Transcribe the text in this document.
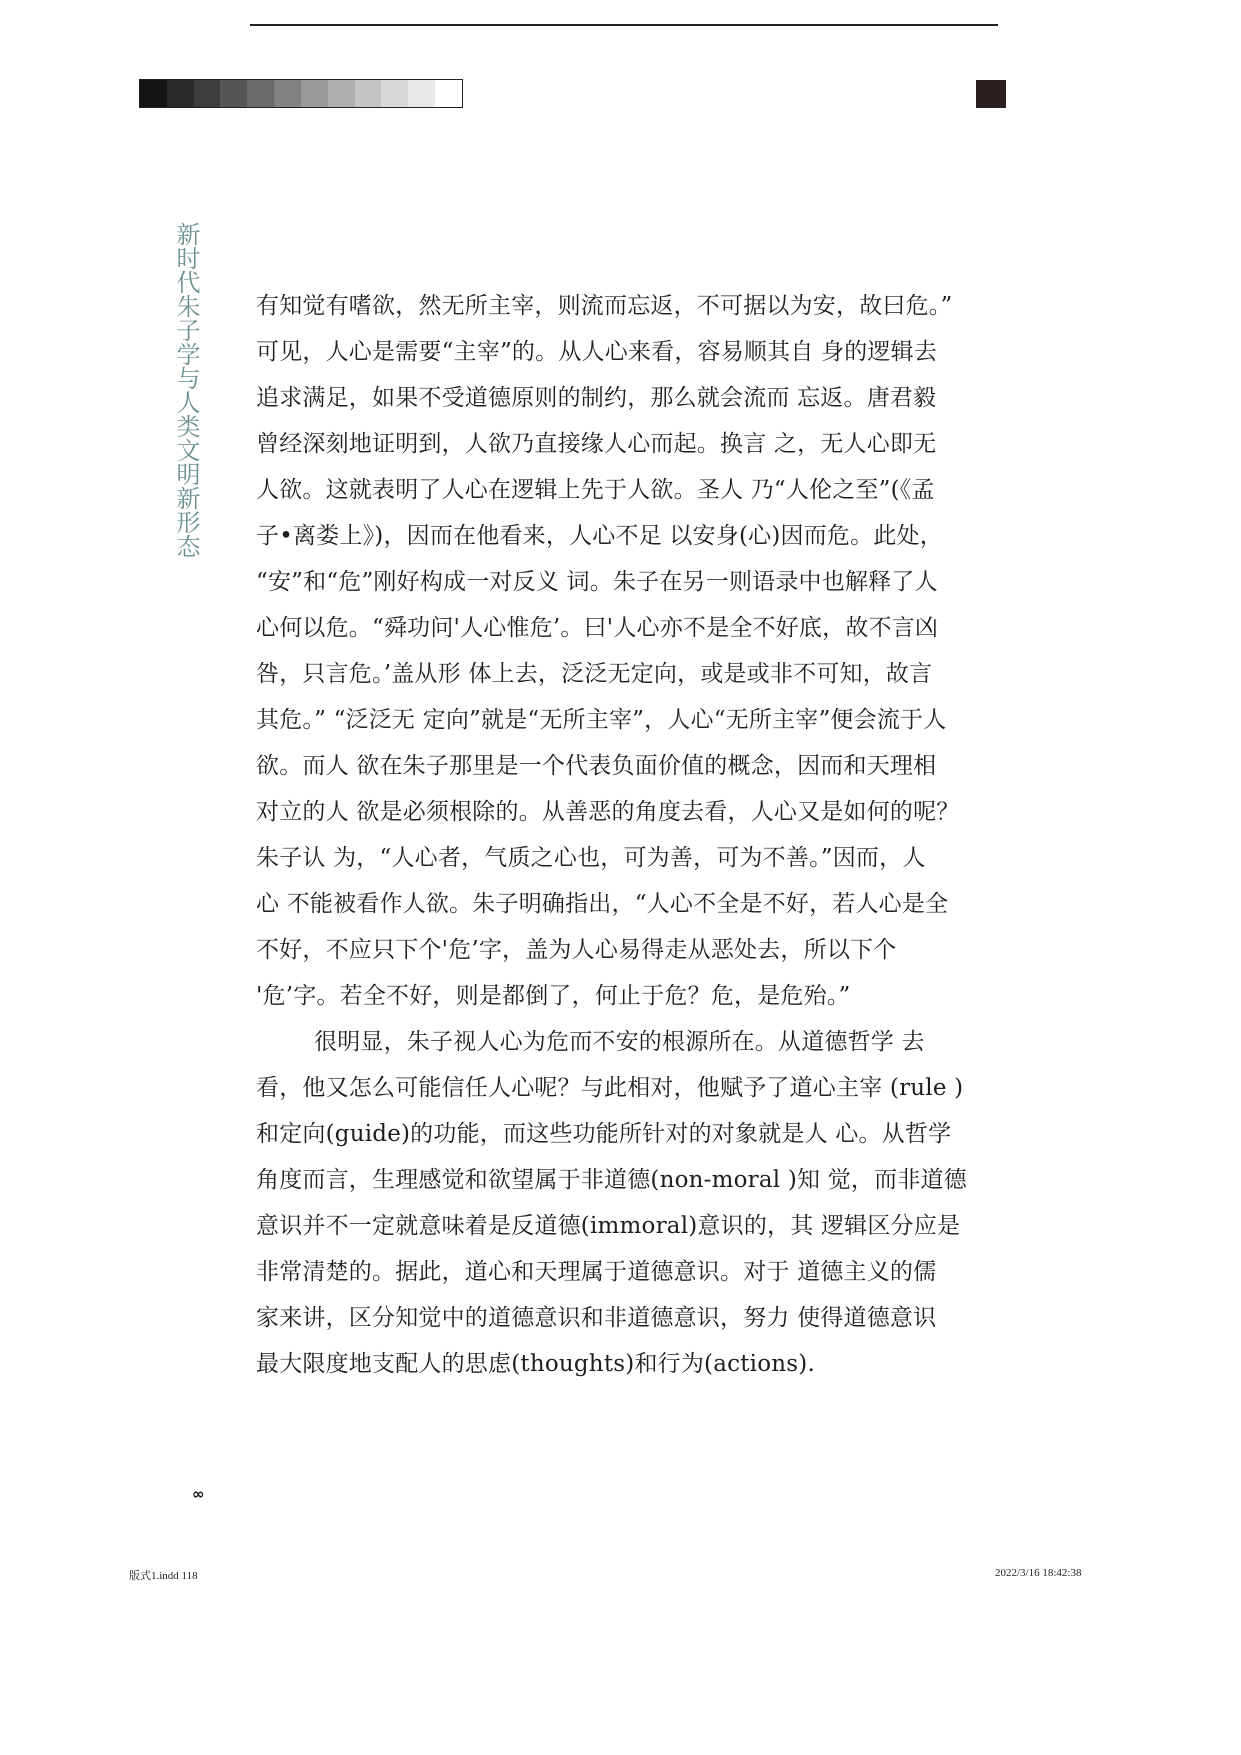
新时代朱子学与人类文明新形态 有知觉有嗜欲，然无所主宰，则流而忘返，不可据以为安，故曰危。”
可见，人心是需要“主宰”的。从人心来看，容易顺其自 身的逻辑去
追求满足，如果不受道德原则的制约，那么就会流而 忘返。唐君毅
曾经深刻地证明到，人欲乃直接缘人心而起。换言 之，无人心即无
人欲。这就表明了人心在逻辑上先于人欲。圣人 乃“人伦之至”(《孟
子•离娄上》)，因而在他看来，人心不足 以安身(心)因而危。此处，
“安”和“危”刚好构成一对反义 词。朱子在另一则语录中也解释了人
心何以危。“舜功问'人心惟危’。曰'人心亦不是全不好底，故不言凶
咎，只言危。’盖从形 体上去，泛泛无定向，或是或非不可知，故言
其危。” “泛泛无 定向”就是“无所主宰”，人心“无所主宰”便会流于人
欲。而人 欲在朱子那里是一个代表负面价值的概念，因而和天理相
对立的人 欲是必须根除的。从善恶的角度去看，人心又是如何的呢？
朱子认 为，“人心者，气质之心也，可为善，可为不善。”因而，人
心 不能被看作人欲。朱子明确指出，“人心不全是不好，若人心是全
不好，不应只下个'危’字，盖为人心易得走从恶处去，所以下个
'危’字。若全不好，则是都倒了，何止于危？危，是危殆。”
很明显，朱子视人心为危而不安的根源所在。从道德哲学 去
看，他又怎么可能信任人心呢？与此相对，他赋予了道心主宰 (rule )
和定向(guide)的功能，而这些功能所针对的对象就是人 心。从哲学
角度而言，生理感觉和欲望属于非道德(non-moral )知 觉，而非道德
意识并不一定就意味着是反道德(immoral)意识的，其 逻辑区分应是
非常清楚的。据此，道心和天理属于道德意识。对于 道德主义的儒
家来讲，区分知觉中的道德意识和非道德意识，努力 使得道德意识
最大限度地支配人的思虑(thoughts)和行为(actions).
∞
版式1.indd 118	2022/3/16 18:42:38
